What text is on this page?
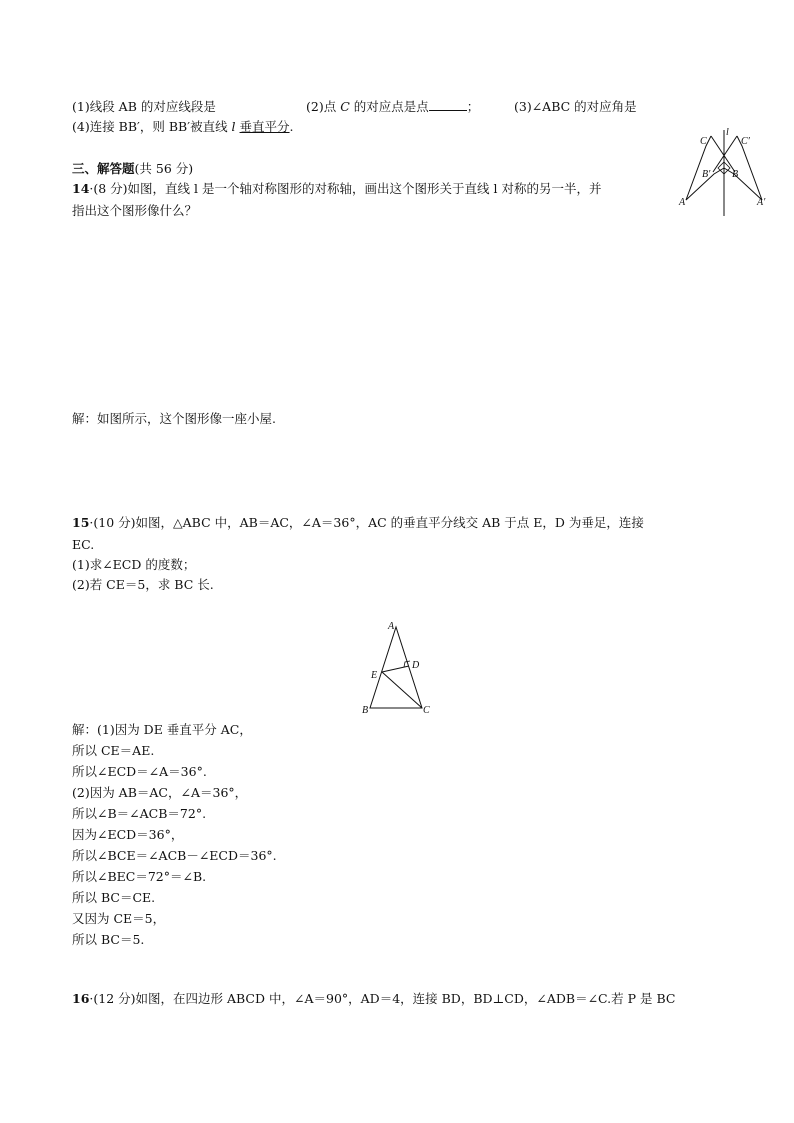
(1)线段 AB 的对应线段是	(2)点 C 的对应点是点	；	(3)∠ABC 的对应角是
(4)连接 BB′，则 BB′被直线 l 垂直平分.
C
l
C′
B′ B
A	A′
三、解答题(共 56 分)
14·(8 分)如图，直线 l 是一个轴对称图形的对称轴，画出这个图形关于直线 l 对称的另一半，并
指出这个图形像什么？
解：如图所示，这个图形像一座小屋.
15·(10 分)如图，△ABC 中，AB＝AC，∠A＝36°，AC 的垂直平分线交 AB 于点 E，D 为垂足，连接
EC.
(1)求∠ECD 的度数；
(2)若 CE＝5，求 BC 长.
A
D
E
B	C
解：(1)因为 DE 垂直平分 AC，
所以 CE＝AE.
所以∠ECD＝∠A＝36°.
(2)因为 AB＝AC，∠A＝36°，
所以∠B＝∠ACB＝72°.
因为∠ECD＝36°，
所以∠BCE＝∠ACB－∠ECD＝36°.
所以∠BEC＝72°＝∠B.
所以 BC＝CE.
又因为 CE＝5，
所以 BC＝5.
16·(12 分)如图，在四边形 ABCD 中，∠A＝90°，AD＝4，连接 BD，BD⊥CD，∠ADB＝∠C.若 P 是 BC
